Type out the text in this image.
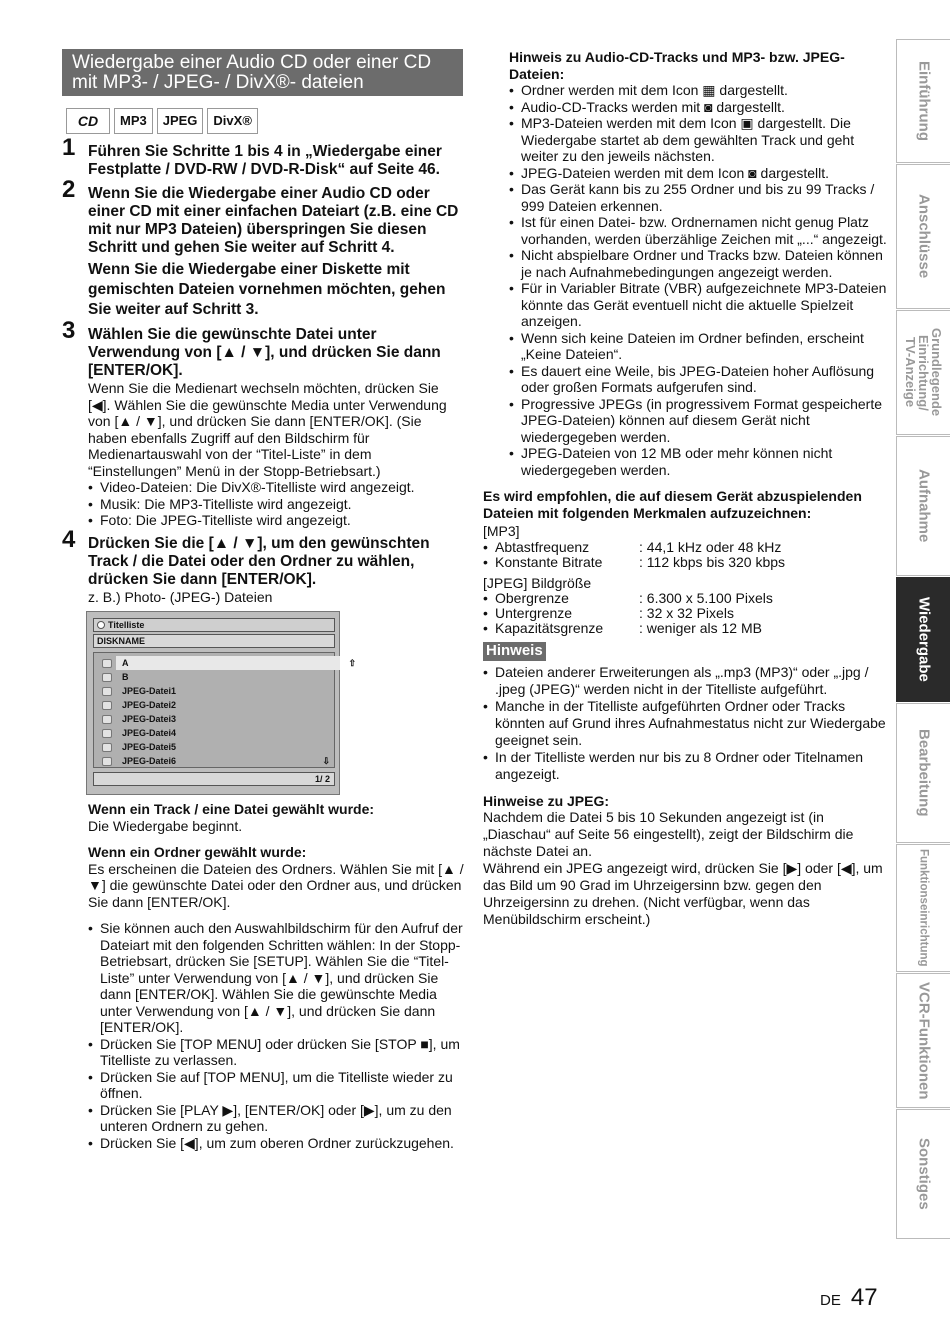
Wiedergabe einer Audio CD oder einer CD mit MP3- / JPEG- / DivX®- dateien
CD	MP3	JPEG	DivX®
1 Führen Sie Schritte 1 bis 4 in „Wiedergabe einer Festplatte / DVD-RW / DVD-R-Disk“ auf Seite 46.
2 Wenn Sie die Wiedergabe einer Audio CD oder einer CD mit einer einfachen Dateiart (z.B. eine CD mit nur MP3 Dateien) überspringen Sie diesen Schritt und gehen Sie weiter auf Schritt 4.
Wenn Sie die Wiedergabe einer Diskette mit gemischten Dateien vornehmen möchten, gehen Sie weiter auf Schritt 3.
3 Wählen Sie die gewünschte Datei unter Verwendung von [▲ / ▼], und drücken Sie dann [ENTER/OK].
Wenn Sie die Medienart wechseln möchten, drücken Sie [◀]. Wählen Sie die gewünschte Media unter Verwendung von [▲ / ▼], und drücken Sie dann [ENTER/OK]. (Sie haben ebenfalls Zugriff auf den Bildschirm für Medienartauswahl von der “Titel-Liste” in dem “Einstellungen” Menü in der Stopp-Betriebsart.)
• Video-Dateien: Die DivX®-Titelliste wird angezeigt.
• Musik: Die MP3-Titelliste wird angezeigt.
• Foto: Die JPEG-Titelliste wird angezeigt.
4 Drücken Sie die [▲ / ▼], um den gewünschten Track / die Datei oder den Ordner zu wählen, drücken Sie dann [ENTER/OK].
z. B.) Photo- (JPEG-) Dateien
Titelliste
DISKNAME
A	⇧
B
JPEG-Datei1
JPEG-Datei2
JPEG-Datei3
JPEG-Datei4
JPEG-Datei5
JPEG-Datei6	⇩
1/ 2
Wenn ein Track / eine Datei gewählt wurde:
Die Wiedergabe beginnt.
Wenn ein Ordner gewählt wurde:
Es erscheinen die Dateien des Ordners. Wählen Sie mit [▲ / ▼] die gewünschte Datei oder den Ordner aus, und drücken Sie dann [ENTER/OK].
• Sie können auch den Auswahlbildschirm für den Aufruf der Dateiart mit den folgenden Schritten wählen: In der Stopp-Betriebsart, drücken Sie [SETUP]. Wählen Sie die “Titel-Liste” unter Verwendung von [▲ / ▼], und drücken Sie dann [ENTER/OK]. Wählen Sie die gewünschte Media unter Verwendung von [▲ / ▼], und drücken Sie dann [ENTER/OK].
• Drücken Sie [TOP MENU] oder drücken Sie [STOP ■], um Titelliste zu verlassen.
• Drücken Sie auf [TOP MENU], um die Titelliste wieder zu öffnen.
• Drücken Sie [PLAY ▶], [ENTER/OK] oder [▶], um zu den unteren Ordnern zu gehen.
• Drücken Sie [◀], um zum oberen Ordner zurückzugehen.
Hinweis zu Audio-CD-Tracks und MP3- bzw. JPEG-Dateien:
• Ordner werden mit dem Icon ▦ dargestellt.
• Audio-CD-Tracks werden mit ◙ dargestellt.
• MP3-Dateien werden mit dem Icon ▣ dargestellt. Die Wiedergabe startet ab dem gewählten Track und geht weiter zu den jeweils nächsten.
• JPEG-Dateien werden mit dem Icon ◙ dargestellt.
• Das Gerät kann bis zu 255 Ordner und bis zu 99 Tracks / 999 Dateien erkennen.
• Ist für einen Datei- bzw. Ordnernamen nicht genug Platz vorhanden, werden überzählige Zeichen mit „...“ angezeigt.
• Nicht abspielbare Ordner und Tracks bzw. Dateien können je nach Aufnahmebedingungen angezeigt werden.
• Für in Variabler Bitrate (VBR) aufgezeichnete MP3-Dateien könnte das Gerät eventuell nicht die aktuelle Spielzeit anzeigen.
• Wenn sich keine Dateien im Ordner befinden, erscheint „Keine Dateien“.
• Es dauert eine Weile, bis JPEG-Dateien hoher Auflösung oder großen Formats aufgerufen sind.
• Progressive JPEGs (in progressivem Format gespeicherte JPEG-Dateien) können auf diesem Gerät nicht wiedergegeben werden.
• JPEG-Dateien von 12 MB oder mehr können nicht wiedergegeben werden.
Es wird empfohlen, die auf diesem Gerät abzuspielenden Dateien mit folgenden Merkmalen aufzuzeichnen:
[MP3]
• Abtastfrequenz	: 44,1 kHz oder 48 kHz
• Konstante Bitrate	: 112 kbps bis 320 kbps
[JPEG] Bildgröße
• Obergrenze	: 6.300 x 5.100 Pixels
• Untergrenze	: 32 x 32 Pixels
• Kapazitätsgrenze	: weniger als 12 MB
Hinweis
• Dateien anderer Erweiterungen als „.mp3 (MP3)“ oder „.jpg / .jpeg (JPEG)“ werden nicht in der Titelliste aufgeführt.
• Manche in der Titelliste aufgeführten Ordner oder Tracks könnten auf Grund ihres Aufnahmestatus nicht zur Wiedergabe geeignet sein.
• In der Titelliste werden nur bis zu 8 Ordner oder Titelnamen angezeigt.
Hinweise zu JPEG:
Nachdem die Datei 5 bis 10 Sekunden angezeigt ist (in „Diaschau“ auf Seite 56 eingestellt), zeigt der Bildschirm die nächste Datei an.
Während ein JPEG angezeigt wird, drücken Sie [▶] oder [◀], um das Bild um 90 Grad im Uhrzeigersinn bzw. gegen den Uhrzeigersinn zu drehen. (Nicht verfügbar, wenn das Menübildschirm erscheint.)
Einführung
Anschlüsse
Grundlegende
Einrichtung/
TV-Anzeige
Aufnahme
Wiedergabe
Bearbeitung
Funktionseinrichtung
VCR-Funktionen
Sonstiges
DE 47
